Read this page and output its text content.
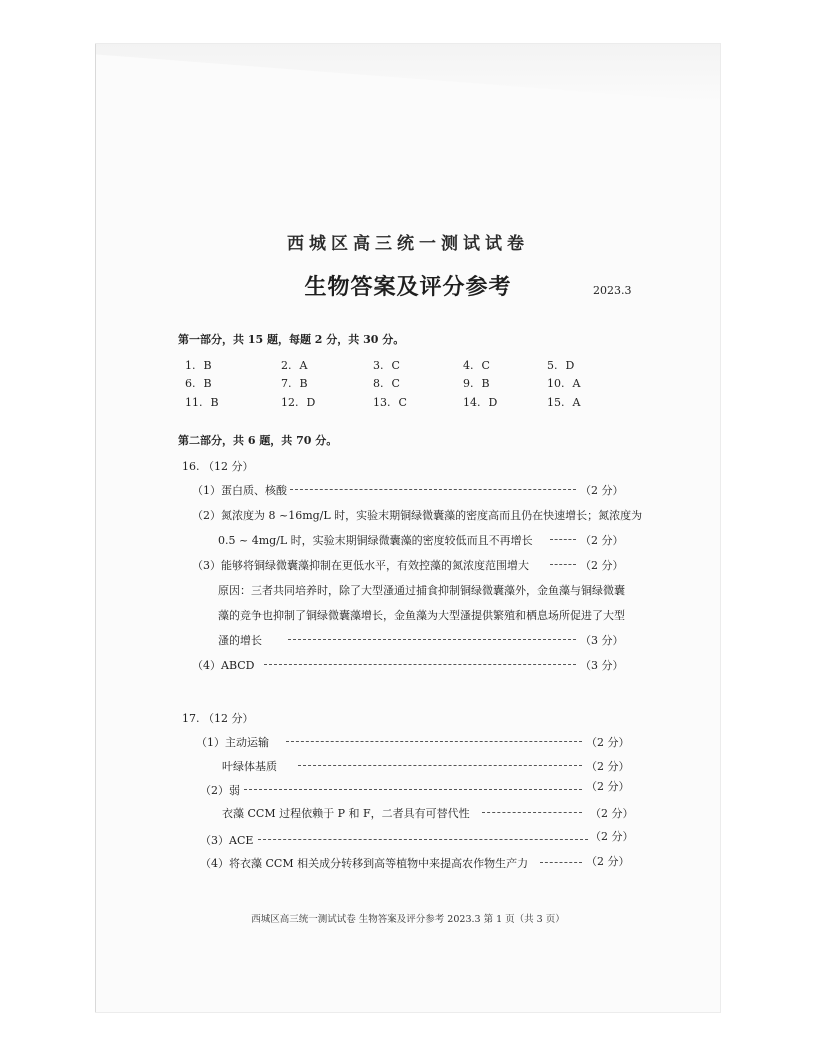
西城区高三统一测试试卷
生物答案及评分参考	2023.3
第一部分，共 15 题，每题 2 分，共 30 分。
1. B	2. A	3. C	4. C	5. D
6. B	7. B	8. C	9. B	10. A
11. B	12. D	13. C	14. D	15. A
第二部分，共 6 题，共 70 分。
16. （12 分）
（1）蛋白质、核酸	（2 分）
（2）氮浓度为 8 ~16mg/L 时，实验末期铜绿微囊藻的密度高而且仍在快速增长；氮浓度为
0.5 ~ 4mg/L 时，实验末期铜绿微囊藻的密度较低而且不再增长	（2 分）
（3）能够将铜绿微囊藻抑制在更低水平，有效控藻的氮浓度范围增大	（2 分）
原因：三者共同培养时，除了大型溞通过捕食抑制铜绿微囊藻外，金鱼藻与铜绿微囊
藻的竞争也抑制了铜绿微囊藻增长，金鱼藻为大型溞提供繁殖和栖息场所促进了大型
溞的增长	（3 分）
（4）ABCD	（3 分）
17. （12 分）
（1）主动运输	（2 分）
叶绿体基质	（2 分）
（2）弱	（2 分）
衣藻 CCM 过程依赖于 P 和 F，二者具有可替代性	（2 分）
（3）ACE	（2 分）
（4）将衣藻 CCM 相关成分转移到高等植物中来提高农作物生产力	（2 分）
西城区高三统一测试试卷 生物答案及评分参考 2023.3 第 1 页（共 3 页）
